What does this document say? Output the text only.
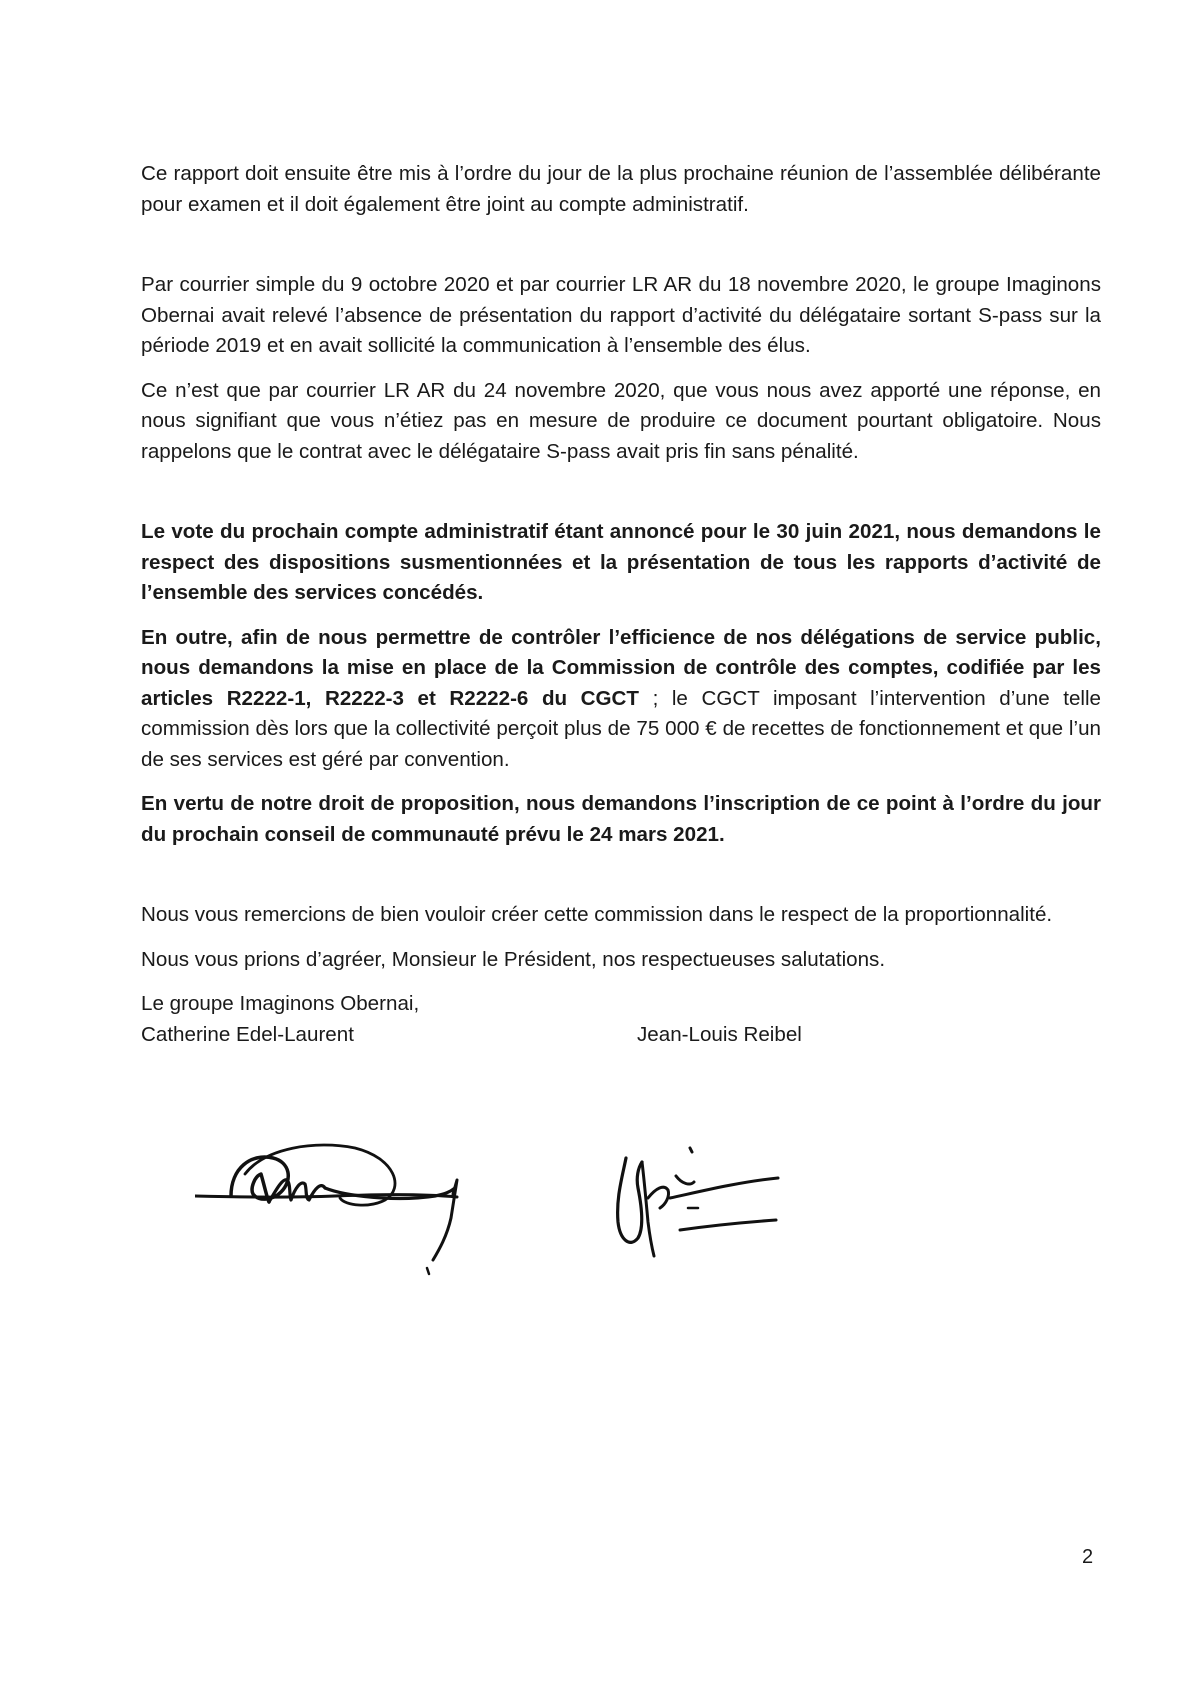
Ce rapport doit ensuite être mis à l’ordre du jour de la plus prochaine réunion de l’assemblée délibérante pour examen et il doit également être joint au compte administratif.

Par courrier simple du 9 octobre 2020 et par courrier LR AR du 18 novembre 2020, le groupe Imaginons Obernai avait relevé l’absence de présentation du rapport d’activité du délégataire sortant S-pass sur la période 2019 et en avait sollicité la communication à l’ensemble des élus.

Ce n’est que par courrier LR AR du 24 novembre 2020, que vous nous avez apporté une réponse, en nous signifiant que vous n’étiez pas en mesure de produire ce document pourtant obligatoire. Nous rappelons que le contrat avec le délégataire S-pass avait pris fin sans pénalité.

Le vote du prochain compte administratif étant annoncé pour le 30 juin 2021, nous demandons le respect des dispositions susmentionnées et la présentation de tous les rapports d’activité de l’ensemble des services concédés.

En outre, afin de nous permettre de contrôler l’efficience de nos délégations de service public, nous demandons la mise en place de la Commission de contrôle des comptes, codifiée par les articles R2222-1, R2222-3 et R2222-6 du CGCT ; le CGCT imposant l’intervention d’une telle commission dès lors que la collectivité perçoit plus de 75 000 € de recettes de fonctionnement et que l’un de ses services est géré par convention.

En vertu de notre droit de proposition, nous demandons l’inscription de ce point à l’ordre du jour du prochain conseil de communauté prévu le 24 mars 2021.

Nous vous remercions de bien vouloir créer cette commission dans le respect de la proportionnalité.

Nous vous prions d’agréer, Monsieur le Président, nos respectueuses salutations.

Le groupe Imaginons Obernai,

Catherine Edel-Laurent	Jean-Louis Reibel
2
